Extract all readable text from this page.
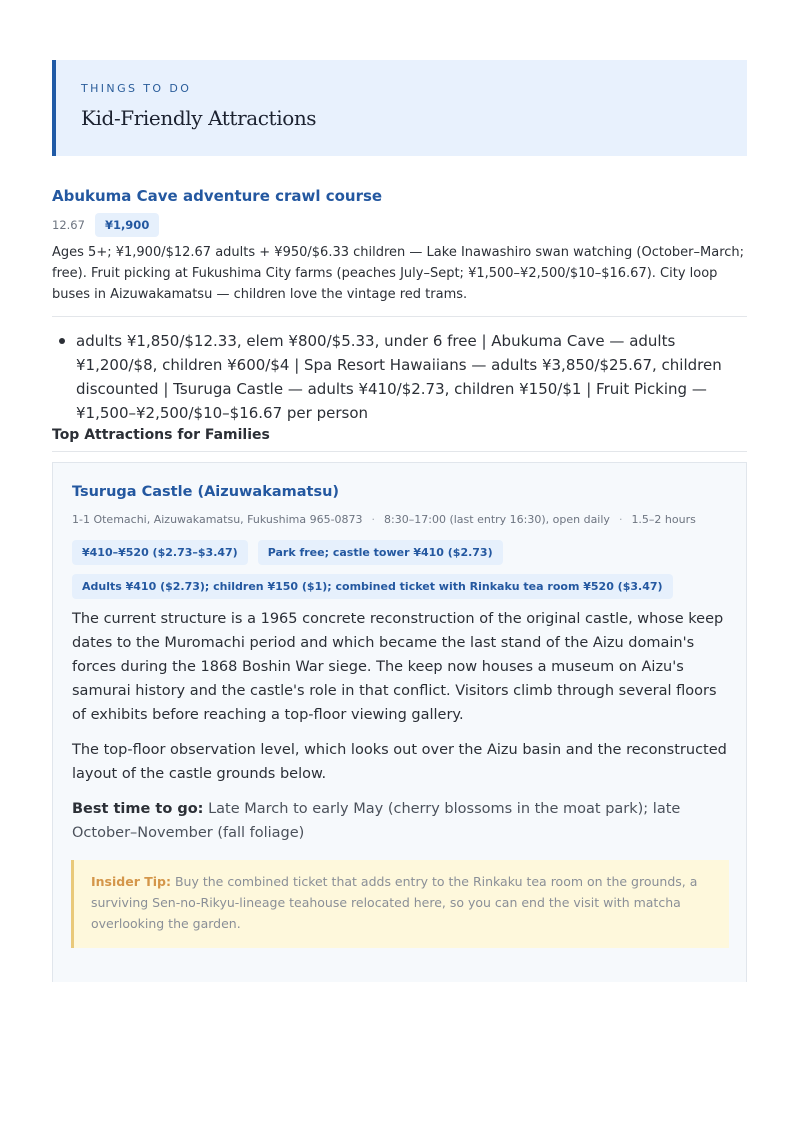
THINGS TO DO
Kid-Friendly Attractions
Abukuma Cave adventure crawl course
12.67	¥1,900

Ages 5+; ¥1,900/$12.67 adults + ¥950/$6.33 children — Lake Inawashiro swan watching (October–March; free). Fruit picking at Fukushima City farms (peaches July–Sept; ¥1,500–¥2,500/$10–$16.67). City loop buses in Aizuwakamatsu — children love the vintage red trams.

adults ¥1,850/$12.33, elem ¥800/$5.33, under 6 free | Abukuma Cave — adults ¥1,200/$8, children ¥600/$4 | Spa Resort Hawaiians — adults ¥3,850/$25.67, children discounted | Tsuruga Castle — adults ¥410/$2.73, children ¥150/$1 | Fruit Picking — ¥1,500–¥2,500/$10–$16.67 per person
Top Attractions for Families
Tsuruga Castle (Aizuwakamatsu)
1-1 Otemachi, Aizuwakamatsu, Fukushima 965-0873 · 8:30–17:00 (last entry 16:30), open daily · 1.5–2 hours
¥410–¥520 ($2.73–$3.47)	Park free; castle tower ¥410 ($2.73)
Adults ¥410 ($2.73); children ¥150 ($1); combined ticket with Rinkaku tea room ¥520 ($3.47)

The current structure is a 1965 concrete reconstruction of the original castle, whose keep dates to the Muromachi period and which became the last stand of the Aizu domain's forces during the 1868 Boshin War siege. The keep now houses a museum on Aizu's samurai history and the castle's role in that conflict. Visitors climb through several floors of exhibits before reaching a top-floor viewing gallery.

The top-floor observation level, which looks out over the Aizu basin and the reconstructed layout of the castle grounds below.

Best time to go: Late March to early May (cherry blossoms in the moat park); late October–November (fall foliage)

Insider Tip: Buy the combined ticket that adds entry to the Rinkaku tea room on the grounds, a surviving Sen-no-Rikyu-lineage teahouse relocated here, so you can end the visit with matcha overlooking the garden.
